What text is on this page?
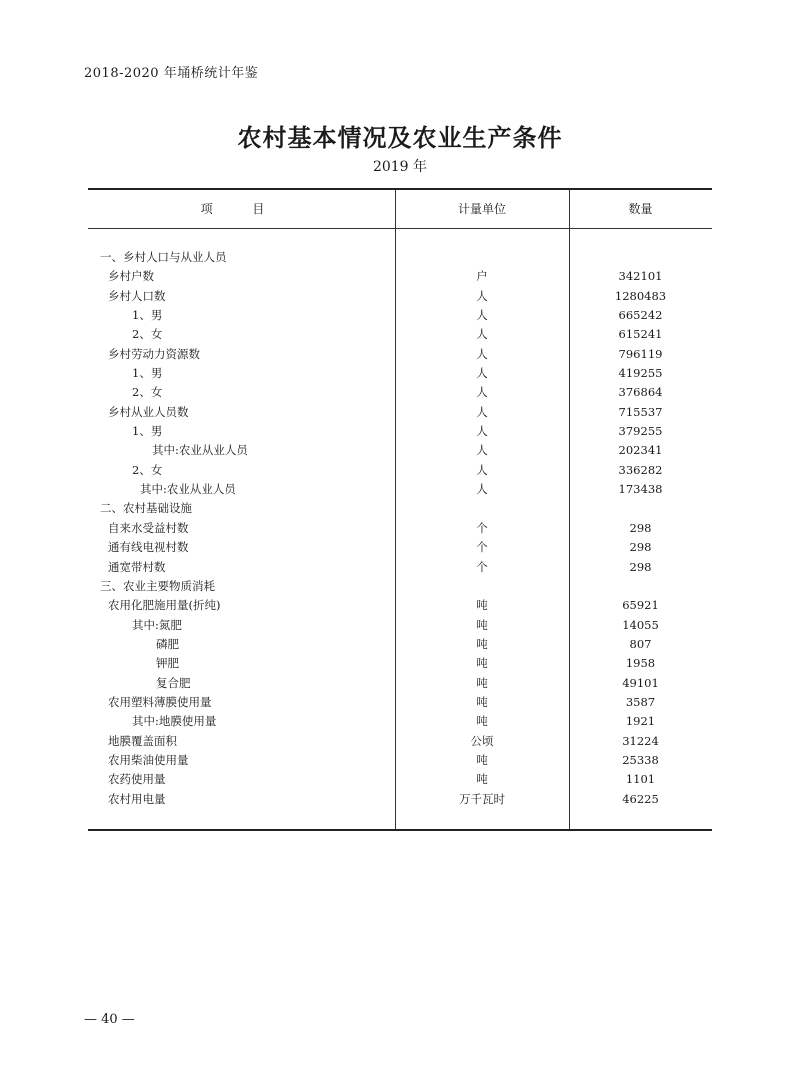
2018-2020 年埇桥统计年鉴
农村基本情况及农业生产条件
2019 年
项 目	计量单位	数量
一、乡村人口与从业人员
乡村户数	户	342101
乡村人口数	人	1280483
1、男	人	665242
2、女	人	615241
乡村劳动力资源数	人	796119
1、男	人	419255
2、女	人	376864
乡村从业人员数	人	715537
1、男	人	379255
其中:农业从业人员	人	202341
2、女	人	336282
其中:农业从业人员	人	173438
二、农村基础设施
自来水受益村数	个	298
通有线电视村数	个	298
通宽带村数	个	298
三、农业主要物质消耗
农用化肥施用量(折纯)	吨	65921
其中:氮肥	吨	14055
磷肥	吨	807
钾肥	吨	1958
复合肥	吨	49101
农用塑料薄膜使用量	吨	3587
其中:地膜使用量	吨	1921
地膜覆盖面积	公顷	31224
农用柴油使用量	吨	25338
农药使用量	吨	1101
农村用电量	万千瓦时	46225
— 40 —
